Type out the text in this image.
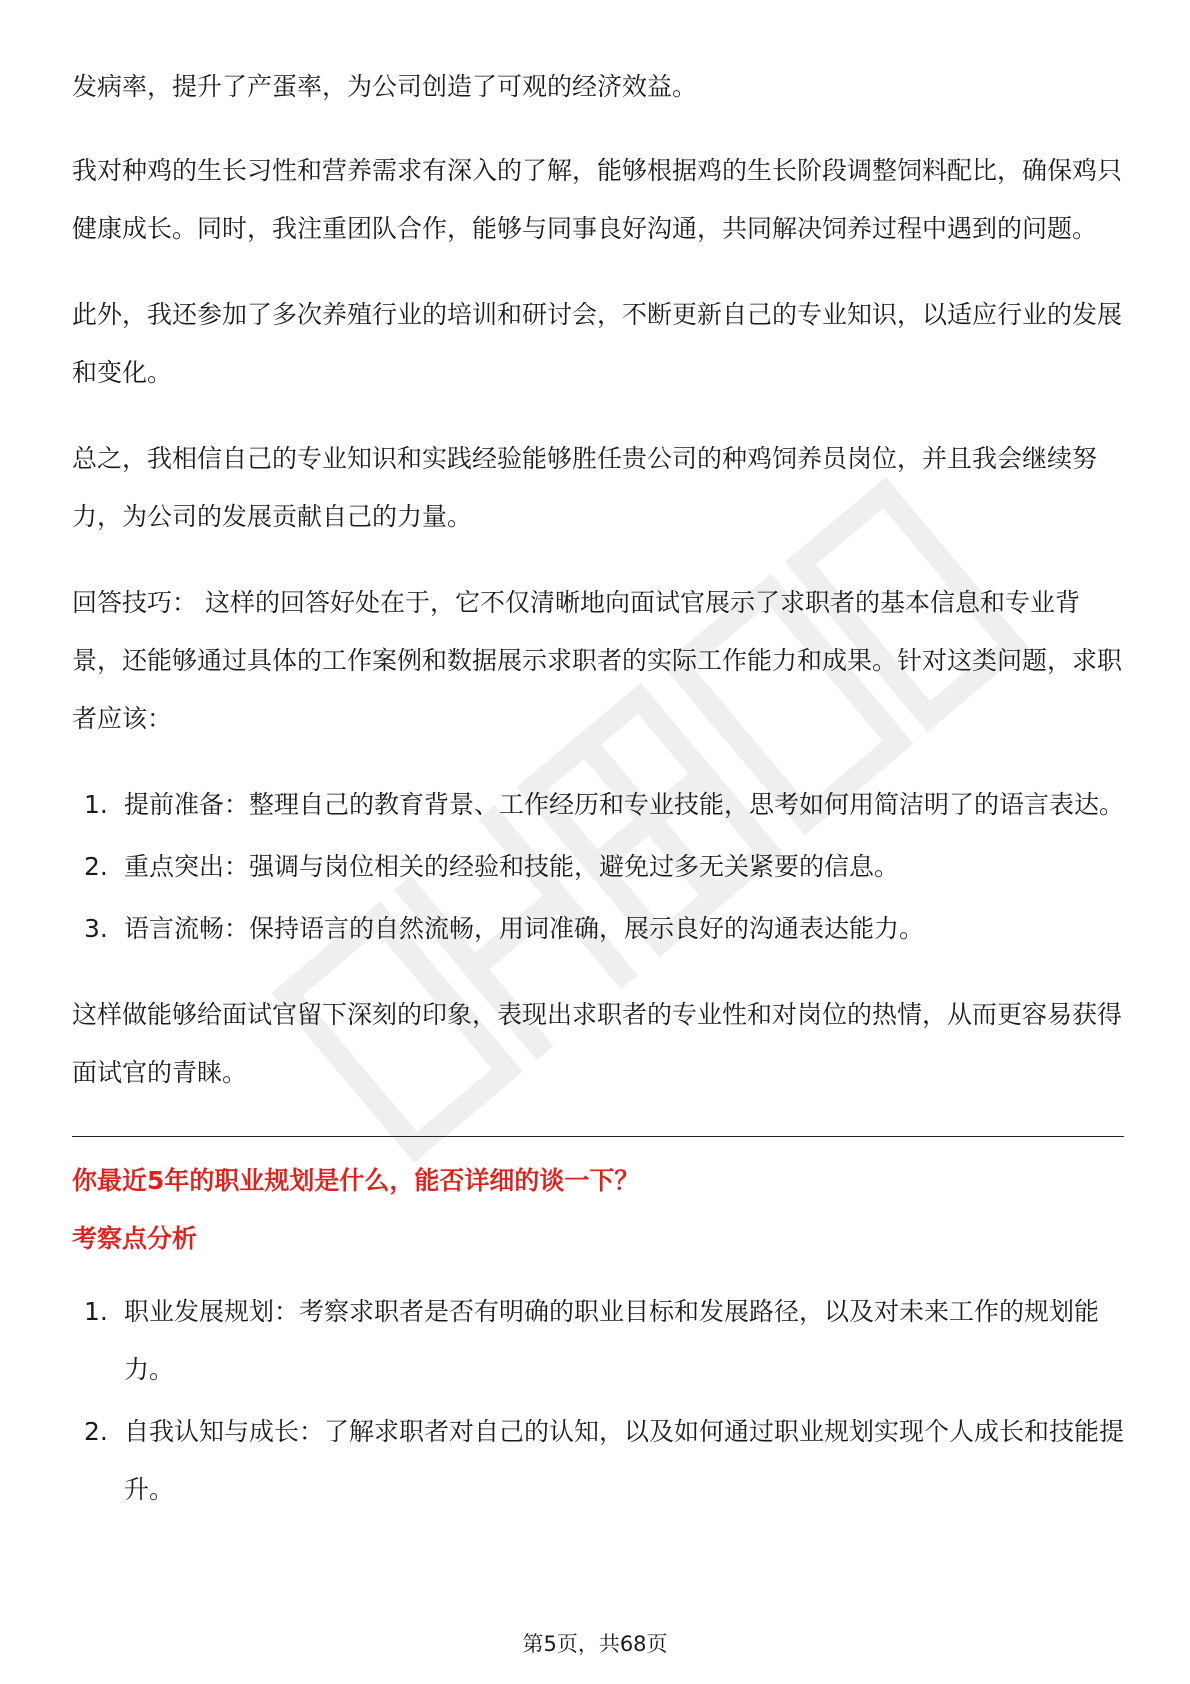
发病率，提升了产蛋率，为公司创造了可观的经济效益。

我对种鸡的生长习性和营养需求有深入的了解，能够根据鸡的生长阶段调整饲料配比，确保鸡只健康成长。同时，我注重团队合作，能够与同事良好沟通，共同解决饲养过程中遇到的问题。

此外，我还参加了多次养殖行业的培训和研讨会，不断更新自己的专业知识，以适应行业的发展和变化。

总之，我相信自己的专业知识和实践经验能够胜任贵公司的种鸡饲养员岗位，并且我会继续努力，为公司的发展贡献自己的力量。

回答技巧： 这样的回答好处在于，它不仅清晰地向面试官展示了求职者的基本信息和专业背景，还能够通过具体的工作案例和数据展示求职者的实际工作能力和成果。针对这类问题，求职者应该：

1. 提前准备：整理自己的教育背景、工作经历和专业技能，思考如何用简洁明了的语言表达。
2. 重点突出：强调与岗位相关的经验和技能，避免过多无关紧要的信息。
3. 语言流畅：保持语言的自然流畅，用词准确，展示良好的沟通表达能力。

这样做能够给面试官留下深刻的印象，表现出求职者的专业性和对岗位的热情，从而更容易获得面试官的青睐。

你最近5年的职业规划是什么，能否详细的谈一下？

考察点分析

1. 职业发展规划：考察求职者是否有明确的职业目标和发展路径，以及对未来工作的规划能力。
2. 自我认知与成长：了解求职者对自己的认知，以及如何通过职业规划实现个人成长和技能提升。
第5页，共68页
